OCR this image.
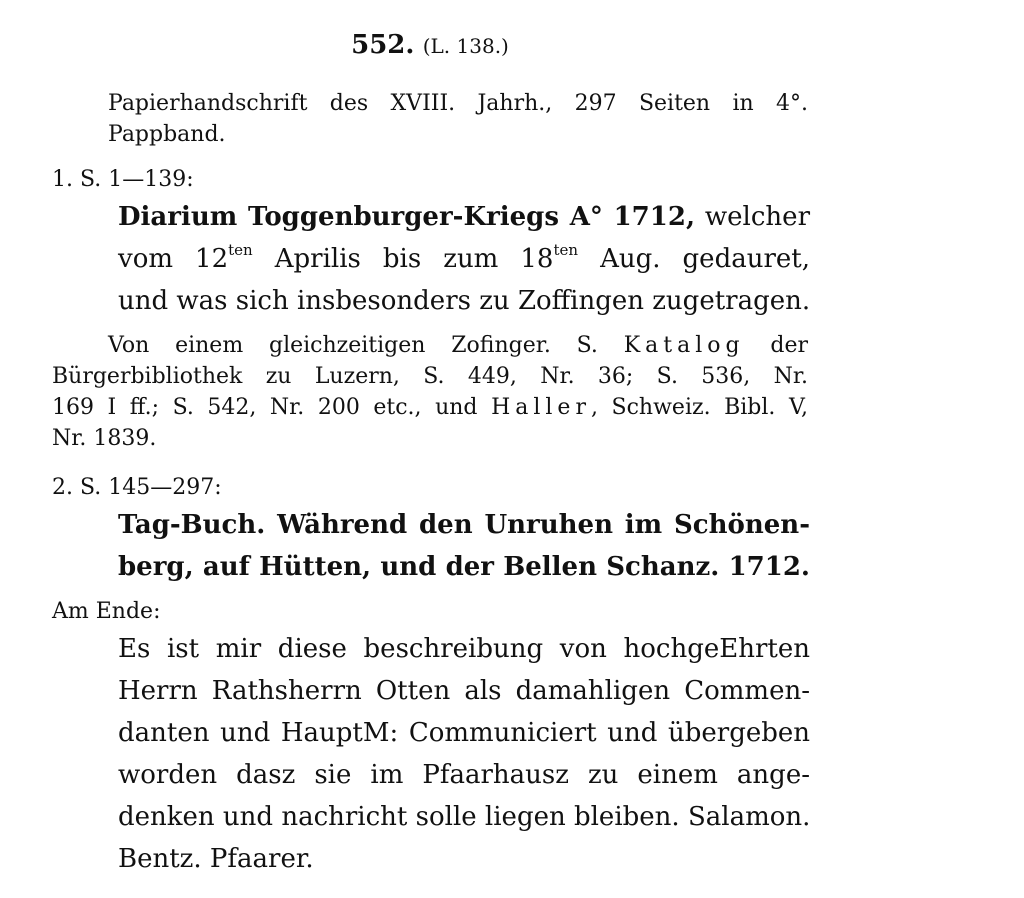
552. (L. 138.)
Papierhandschrift des XVIII. Jahrh., 297 Seiten in 4°.
Pappband.
1. S. 1—139:
Diarium Toggenburger-Kriegs A° 1712, welcher
vom $12^{ten}$ Aprilis bis zum $18^{ten}$ Aug. gedauret,
und was sich insbesonders zu Zoffingen zugetragen.
Von einem gleichzeitigen Zofinger. S. Katalog der
Bürgerbibliothek zu Luzern, S. 449, Nr. 36; S. 536, Nr.
169 I ff.; S. 542, Nr. 200 etc., und Haller, Schweiz. Bibl. V,
Nr. 1839.
2. S. 145—297:
Tag-Buch. Während den Unruhen im Schönen-
berg, auf Hütten, und der Bellen Schanz. 1712.
Am Ende:
Es ist mir diese beschreibung von hochgeEhrten
Herrn Rathsherrn Otten als damahligen Commen-
danten und HauptM: Communiciert und übergeben
worden dasz sie im Pfaarhausz zu einem ange-
denken und nachricht solle liegen bleiben. Salamon.
Bentz. Pfaarer.
